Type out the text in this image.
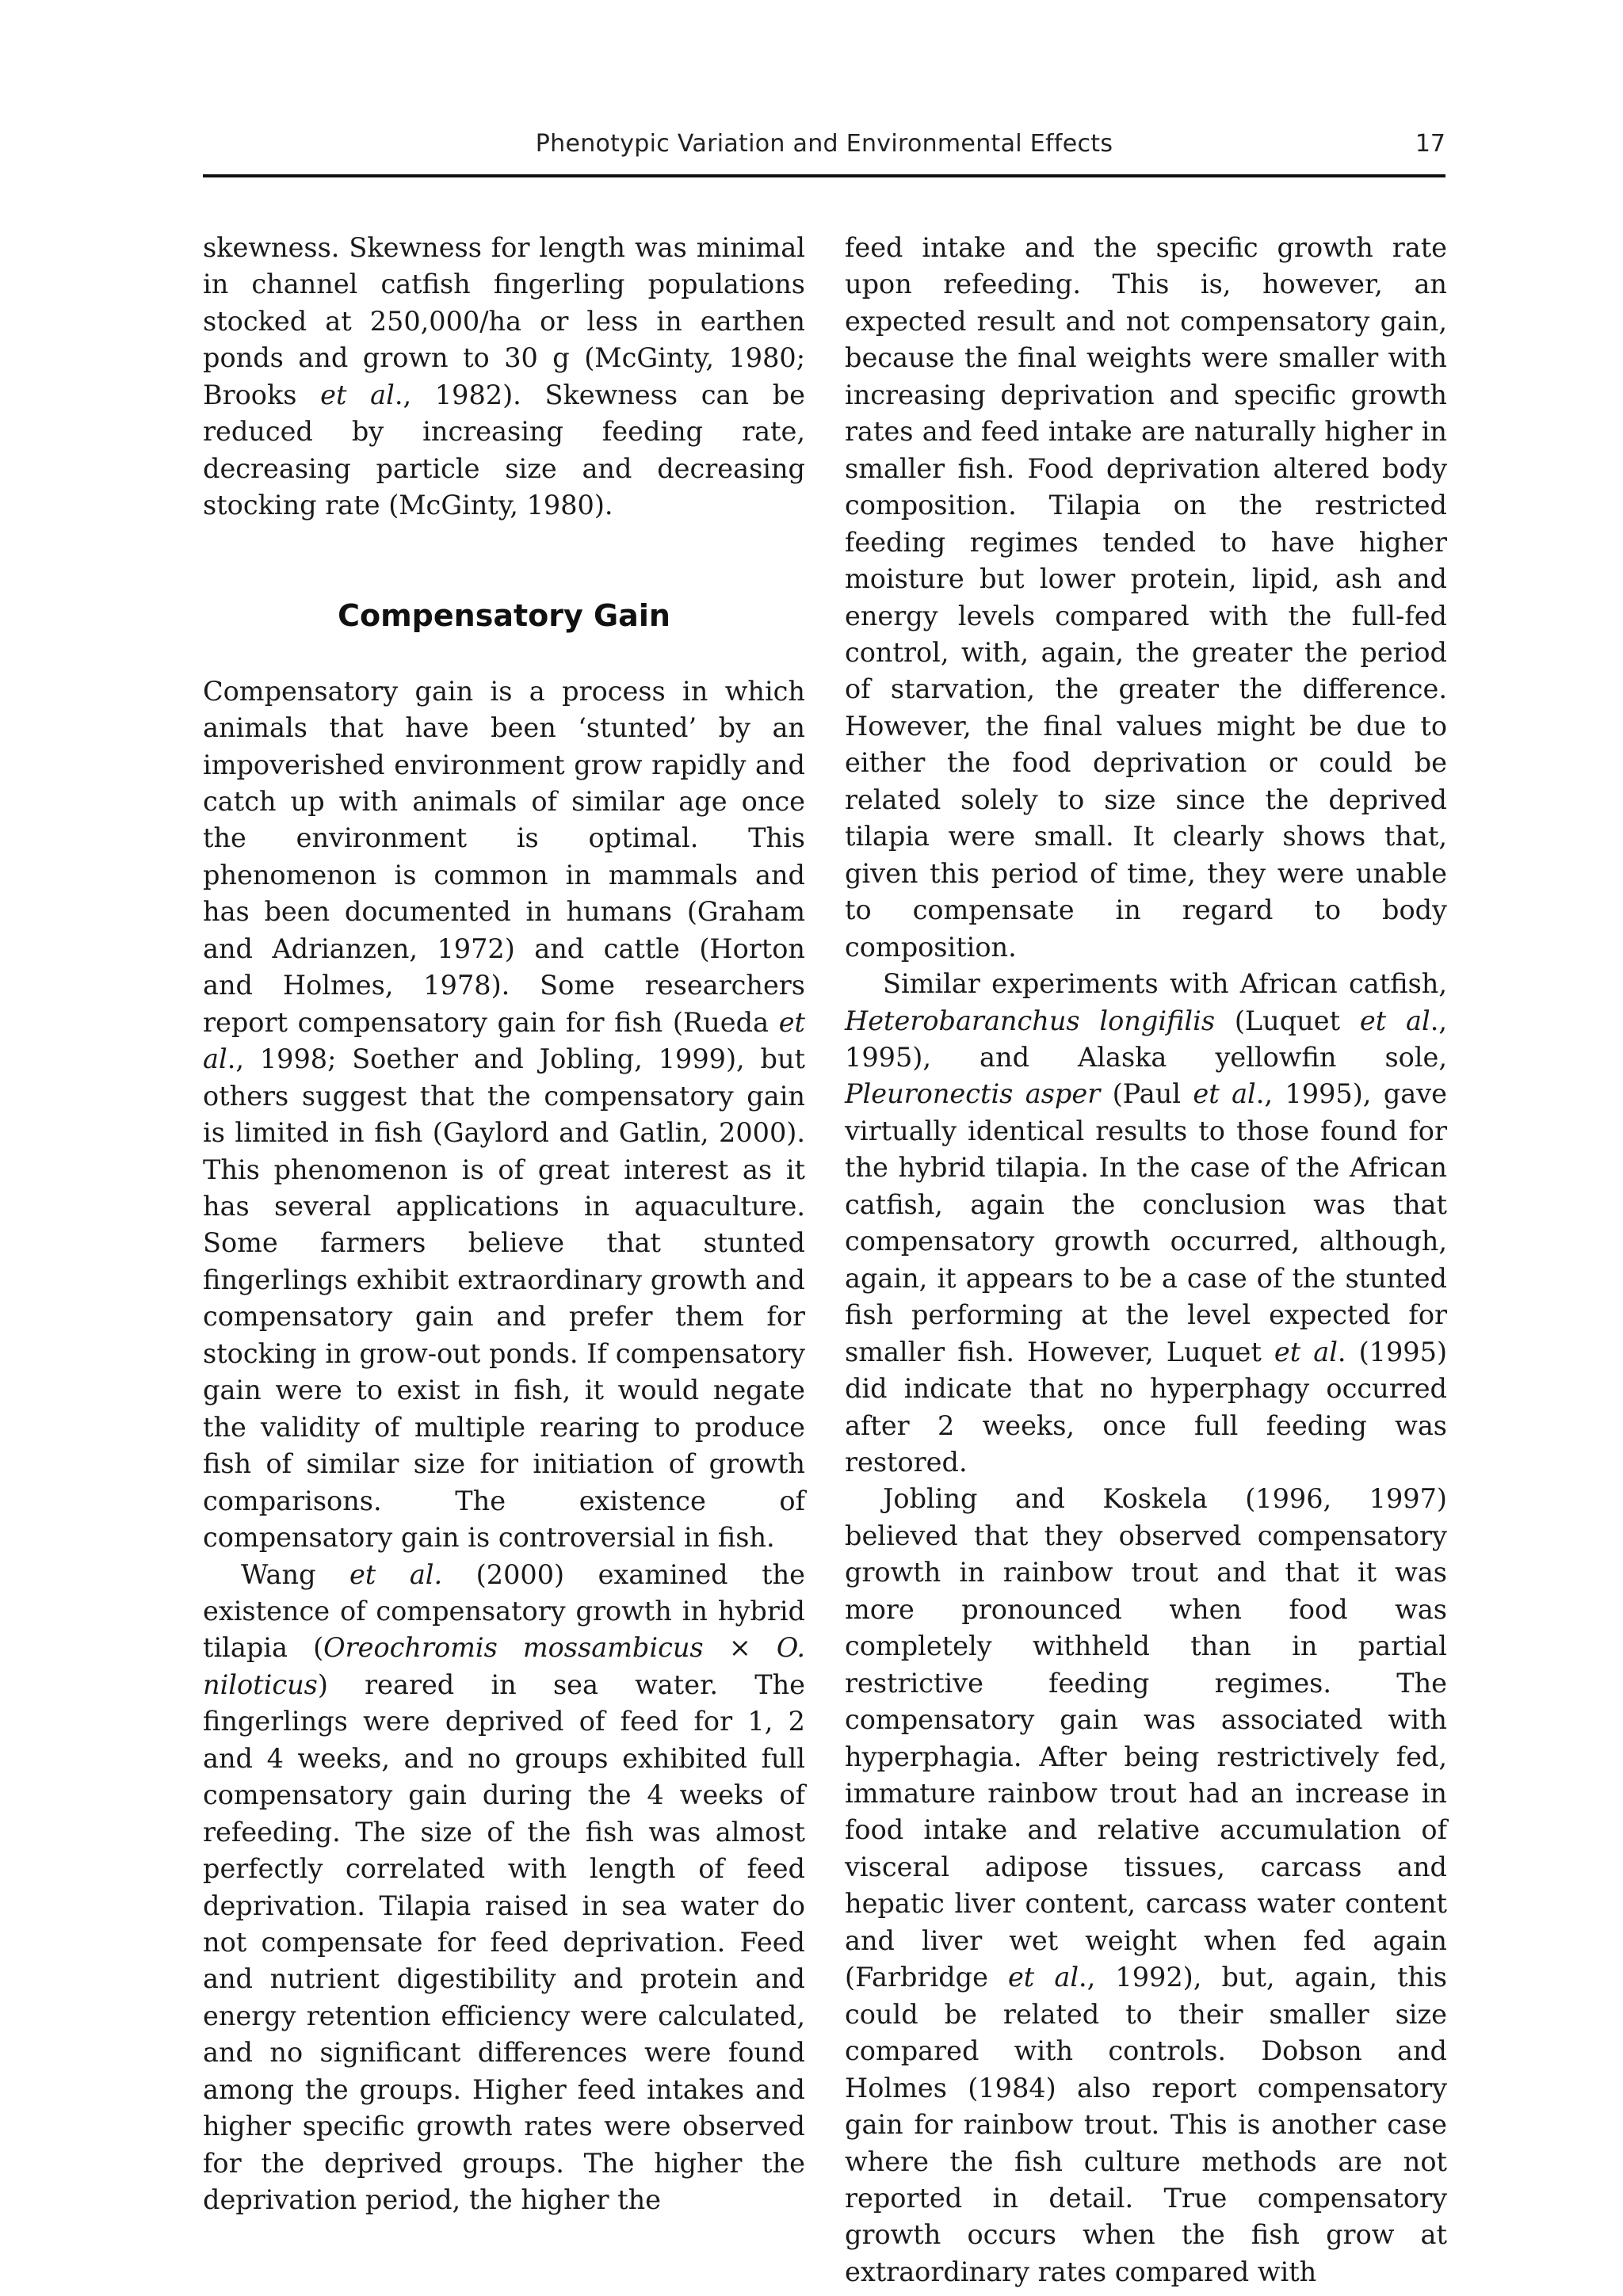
Phenotypic Variation and Environmental Effects	17

skewness. Skewness for length was minimal in channel catfish fingerling populations stocked at 250,000/ha or less in earthen ponds and grown to 30 g (McGinty, 1980; Brooks et al., 1982). Skewness can be reduced by increasing feeding rate, decreasing particle size and decreasing stocking rate (McGinty, 1980).

Compensatory Gain

Compensatory gain is a process in which animals that have been ‘stunted’ by an impoverished environment grow rapidly and catch up with animals of similar age once the environment is optimal. This phenomenon is common in mammals and has been documented in humans (Graham and Adrianzen, 1972) and cattle (Horton and Holmes, 1978). Some researchers report compensatory gain for fish (Rueda et al., 1998; Soether and Jobling, 1999), but others suggest that the compensatory gain is limited in fish (Gaylord and Gatlin, 2000). This phenomenon is of great interest as it has several applications in aquaculture. Some farmers believe that stunted fingerlings exhibit extraordinary growth and compensatory gain and prefer them for stocking in grow-out ponds. If compensatory gain were to exist in fish, it would negate the validity of multiple rearing to produce fish of similar size for initiation of growth comparisons. The existence of compensatory gain is controversial in fish.

Wang et al. (2000) examined the existence of compensatory growth in hybrid tilapia (Oreochromis mossambicus × O. niloticus) reared in sea water. The fingerlings were deprived of feed for 1, 2 and 4 weeks, and no groups exhibited full compensatory gain during the 4 weeks of refeeding. The size of the fish was almost perfectly correlated with length of feed deprivation. Tilapia raised in sea water do not compensate for feed deprivation. Feed and nutrient digestibility and protein and energy retention efficiency were calculated, and no significant differences were found among the groups. Higher feed intakes and higher specific growth rates were observed for the deprived groups. The higher the deprivation period, the higher the

feed intake and the specific growth rate upon refeeding. This is, however, an expected result and not compensatory gain, because the final weights were smaller with increasing deprivation and specific growth rates and feed intake are naturally higher in smaller fish. Food deprivation altered body composition. Tilapia on the restricted feeding regimes tended to have higher moisture but lower protein, lipid, ash and energy levels compared with the full-fed control, with, again, the greater the period of starvation, the greater the difference. However, the final values might be due to either the food deprivation or could be related solely to size since the deprived tilapia were small. It clearly shows that, given this period of time, they were unable to compensate in regard to body composition.

Similar experiments with African catfish, Heterobaranchus longifilis (Luquet et al., 1995), and Alaska yellowfin sole, Pleuronectis asper (Paul et al., 1995), gave virtually identical results to those found for the hybrid tilapia. In the case of the African catfish, again the conclusion was that compensatory growth occurred, although, again, it appears to be a case of the stunted fish performing at the level expected for smaller fish. However, Luquet et al. (1995) did indicate that no hyperphagy occurred after 2 weeks, once full feeding was restored.

Jobling and Koskela (1996, 1997) believed that they observed compensatory growth in rainbow trout and that it was more pronounced when food was completely withheld than in partial restrictive feeding regimes. The compensatory gain was associated with hyperphagia. After being restrictively fed, immature rainbow trout had an increase in food intake and relative accumulation of visceral adipose tissues, carcass and hepatic liver content, carcass water content and liver wet weight when fed again (Farbridge et al., 1992), but, again, this could be related to their smaller size compared with controls. Dobson and Holmes (1984) also report compensatory gain for rainbow trout. This is another case where the fish culture methods are not reported in detail. True compensatory growth occurs when the fish grow at extraordinary rates compared with
